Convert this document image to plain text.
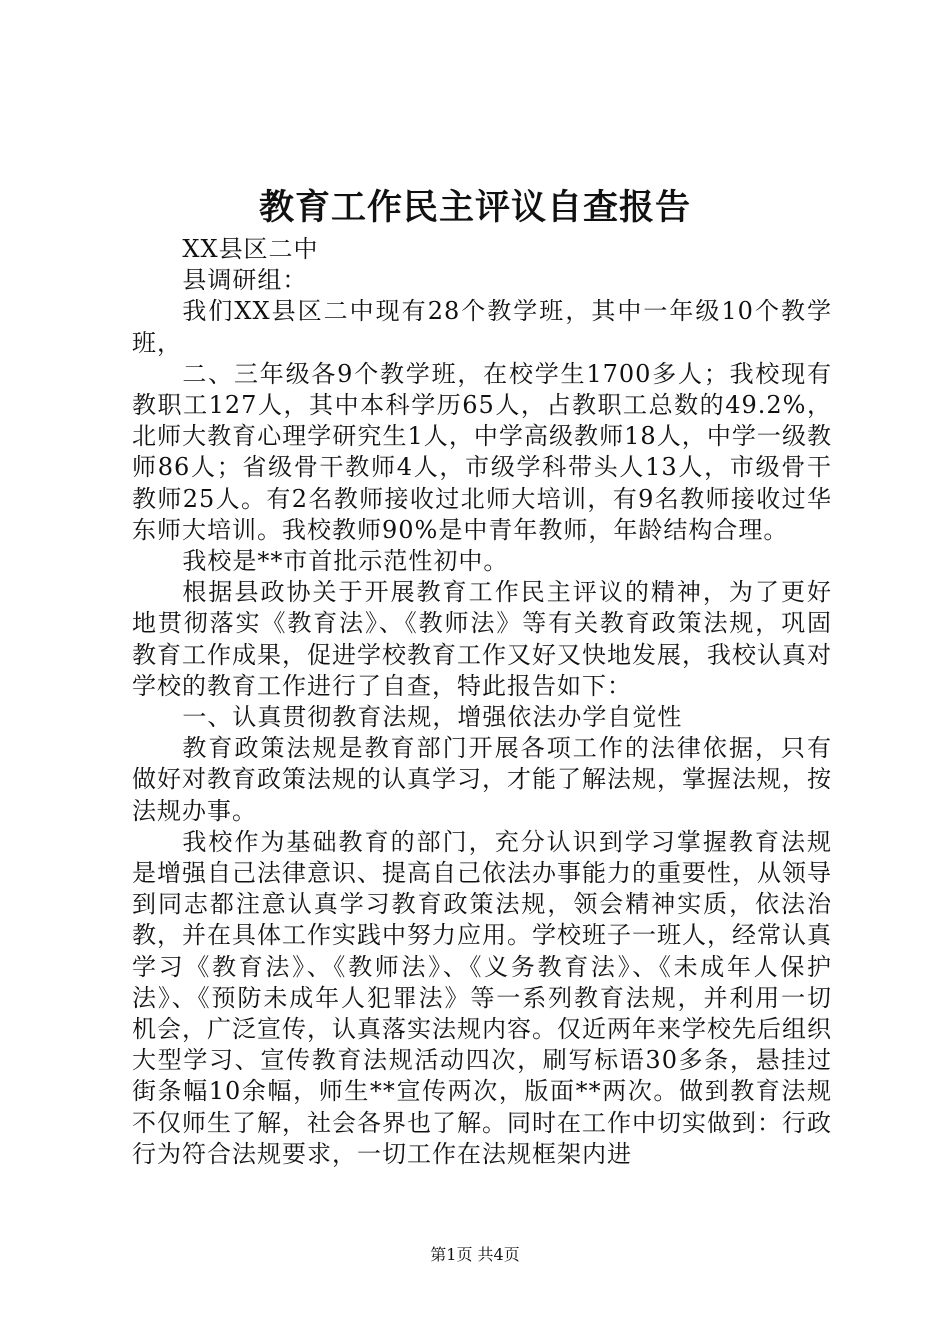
教育工作民主评议自查报告

XX县区二中

县调研组：

我们XX县区二中现有28个教学班，其中一年级10个教学班，

二、三年级各9个教学班，在校学生1700多人；我校现有教职工127人，其中本科学历65人，占教职工总数的49.2%，北师大教育心理学研究生1人，中学高级教师18人，中学一级教师86人；省级骨干教师4人，市级学科带头人13人，市级骨干教师25人。有2名教师接收过北师大培训，有9名教师接收过华东师大培训。我校教师90%是中青年教师，年龄结构合理。

我校是**市首批示范性初中。

根据县政协关于开展教育工作民主评议的精神，为了更好地贯彻落实《教育法》、《教师法》等有关教育政策法规，巩固教育工作成果，促进学校教育工作又好又快地发展，我校认真对学校的教育工作进行了自查，特此报告如下：

一、认真贯彻教育法规，增强依法办学自觉性

教育政策法规是教育部门开展各项工作的法律依据，只有做好对教育政策法规的认真学习，才能了解法规，掌握法规，按法规办事。

我校作为基础教育的部门，充分认识到学习掌握教育法规是增强自己法律意识、提高自己依法办事能力的重要性，从领导到同志都注意认真学习教育政策法规，领会精神实质，依法治教，并在具体工作实践中努力应用。学校班子一班人，经常认真学习《教育法》、《教师法》、《义务教育法》、《未成年人保护法》、《预防未成年人犯罪法》等一系列教育法规，并利用一切机会，广泛宣传，认真落实法规内容。仅近两年来学校先后组织大型学习、宣传教育法规活动四次，刷写标语30多条，悬挂过街条幅10余幅，师生**宣传两次，版面**两次。做到教育法规不仅师生了解，社会各界也了解。同时在工作中切实做到：行政行为符合法规要求，一切工作在法规框架内进

第1页 共4页
